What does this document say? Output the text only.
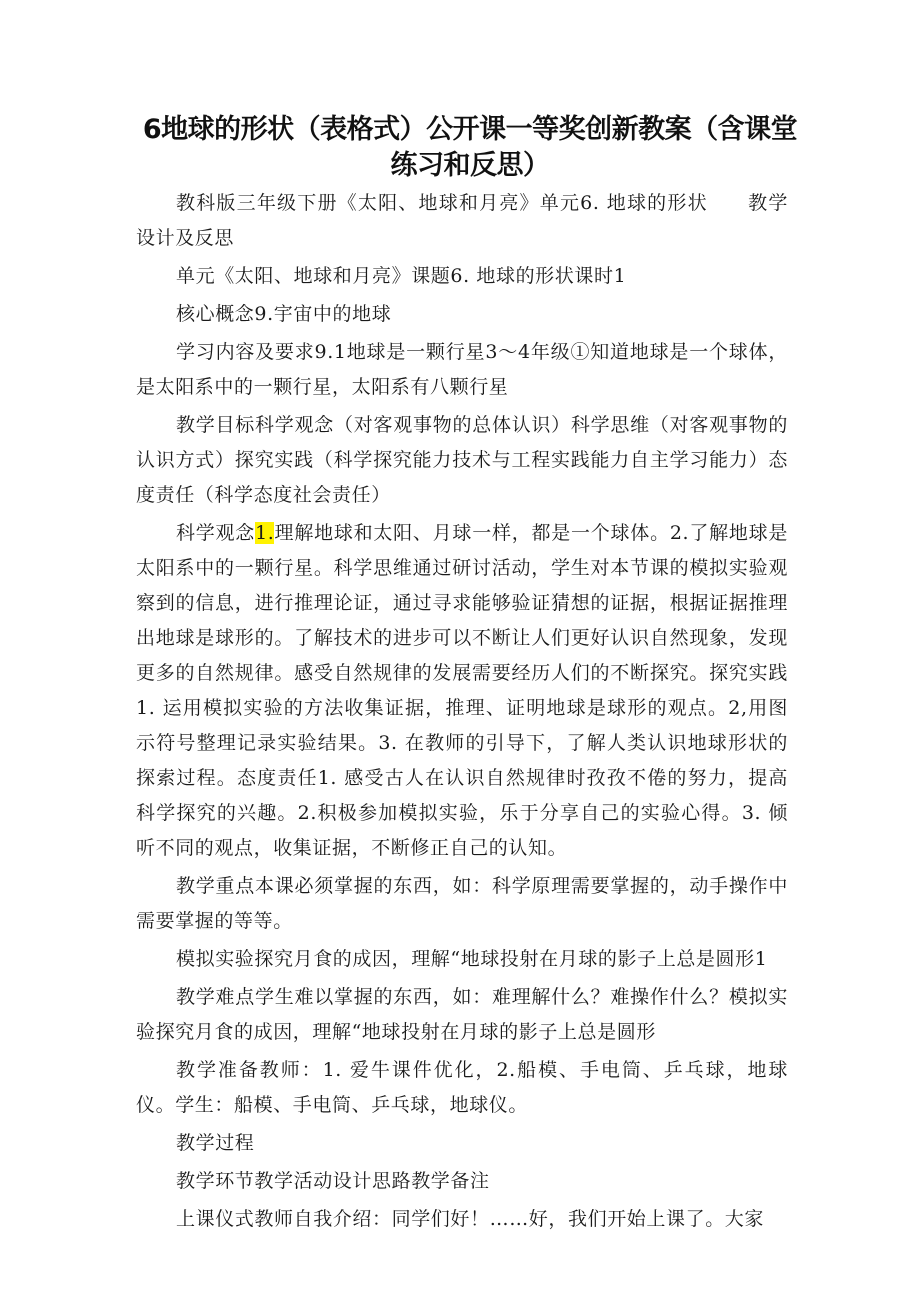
6地球的形状（表格式）公开课一等奖创新教案（含课堂练习和反思）

教科版三年级下册《太阳、地球和月亮》单元6. 地球的形状　　教学设计及反思

单元《太阳、地球和月亮》课题6. 地球的形状课时1

核心概念9.宇宙中的地球

学习内容及要求9.1地球是一颗行星3～4年级①知道地球是一个球体，是太阳系中的一颗行星，太阳系有八颗行星

教学目标科学观念（对客观事物的总体认识）科学思维（对客观事物的认识方式）探究实践（科学探究能力技术与工程实践能力自主学习能力）态度责任（科学态度社会责任）

科学观念1.理解地球和太阳、月球一样，都是一个球体。2.了解地球是太阳系中的一颗行星。科学思维通过研讨活动，学生对本节课的模拟实验观察到的信息，进行推理论证，通过寻求能够验证猜想的证据，根据证据推理出地球是球形的。了解技术的进步可以不断让人们更好认识自然现象，发现更多的自然规律。感受自然规律的发展需要经历人们的不断探究。探究实践1. 运用模拟实验的方法收集证据，推理、证明地球是球形的观点。2,用图示符号整理记录实验结果。3. 在教师的引导下，了解人类认识地球形状的探索过程。态度责任1. 感受古人在认识自然规律时孜孜不倦的努力，提高科学探究的兴趣。2.积极参加模拟实验，乐于分享自己的实验心得。3. 倾听不同的观点，收集证据，不断修正自己的认知。

教学重点本课必须掌握的东西，如：科学原理需要掌握的，动手操作中需要掌握的等等。

模拟实验探究月食的成因，理解“地球投射在月球的影子上总是圆形1

教学难点学生难以掌握的东西，如：难理解什么？难操作什么？模拟实验探究月食的成因，理解“地球投射在月球的影子上总是圆形

教学准备教师：1. 爱牛课件优化，2.船模、手电筒、乒乓球，地球仪。学生：船模、手电筒、乒乓球，地球仪。

教学过程

教学环节教学活动设计思路教学备注

上课仪式教师自我介绍：同学们好！……好，我们开始上课了。大家
